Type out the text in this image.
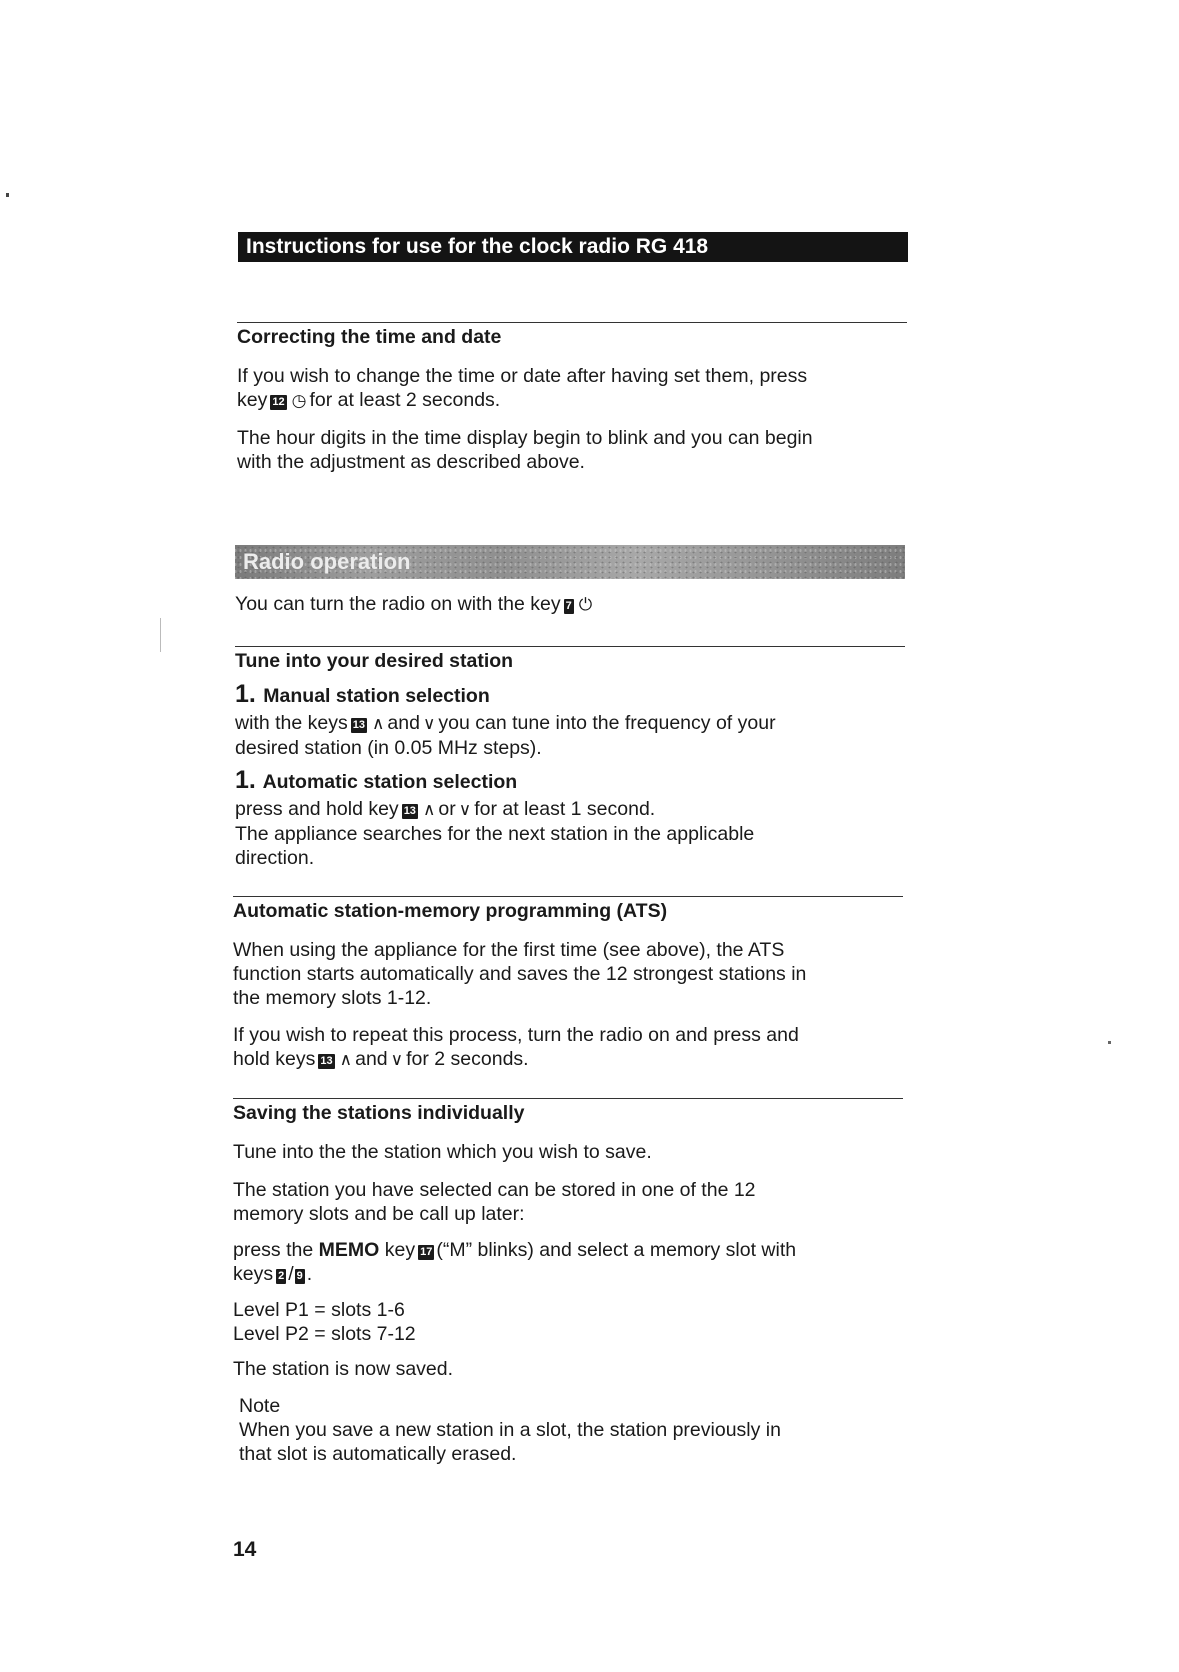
Instructions for use for the clock radio RG 418
Correcting the time and date
If you wish to change the time or date after having set them, press
key 12 ◷ for at least 2 seconds.
The hour digits in the time display begin to blink and you can begin
with the adjustment as described above.
Radio operation
You can turn the radio on with the key 7 ⏻
Tune into your desired station
1. Manual station selection
with the keys 13 ∧ and ∨ you can tune into the frequency of your
desired station (in 0.05 MHz steps).
1. Automatic station selection
press and hold key 13 ∧ or ∨ for at least 1 second.
The appliance searches for the next station in the applicable
direction.
Automatic station-memory programming (ATS)
When using the appliance for the first time (see above), the ATS
function starts automatically and saves the 12 strongest stations in
the memory slots 1-12.
If you wish to repeat this process, turn the radio on and press and
hold keys 13 ∧ and ∨ for 2 seconds.
Saving the stations individually
Tune into the the station which you wish to save.
The station you have selected can be stored in one of the 12
memory slots and be call up later:
press the MEMO key 17 (“M” blinks) and select a memory slot with
keys 2 / 9 .
Level P1 = slots 1-6
Level P2 = slots 7-12
The station is now saved.
Note
When you save a new station in a slot, the station previously in
that slot is automatically erased.
14
